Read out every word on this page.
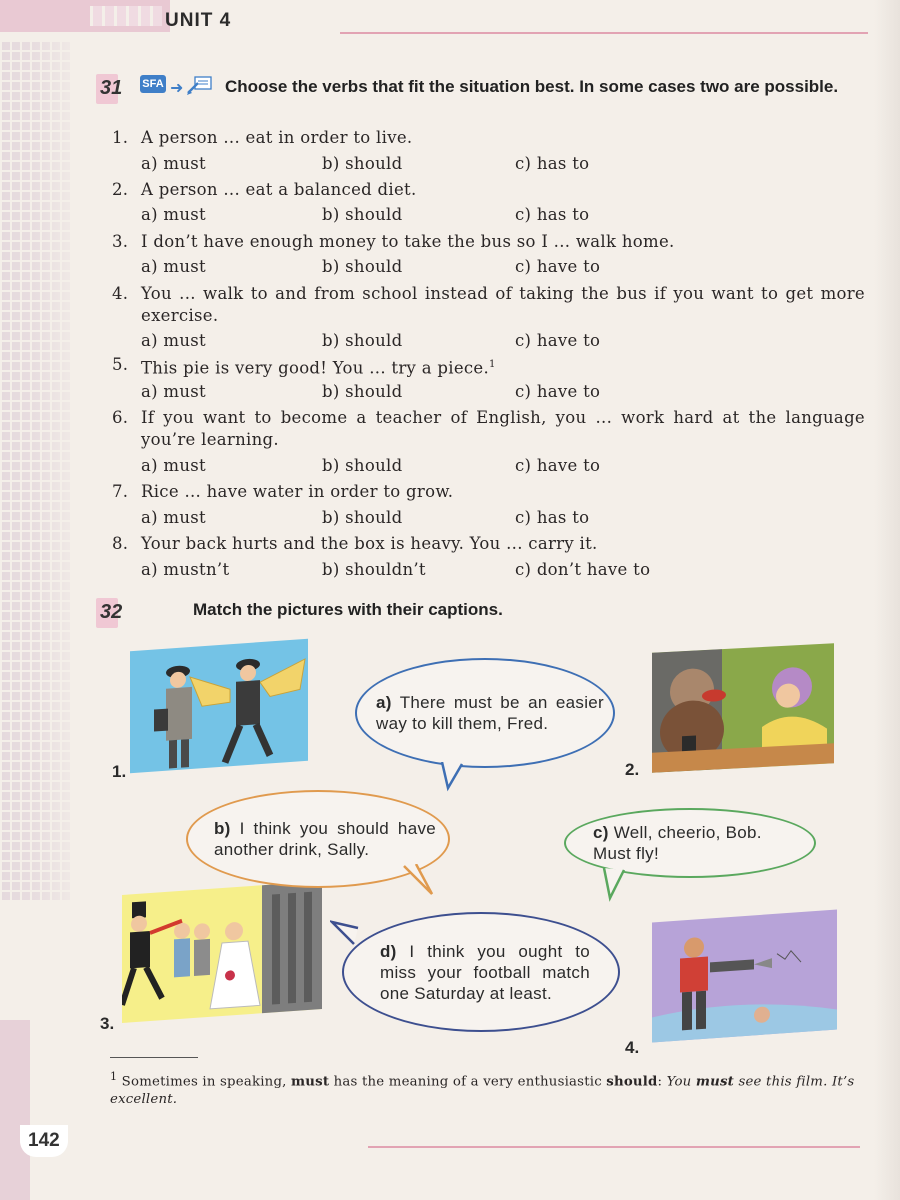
UNIT 4
31 SFA ➜ Choose the verbs that fit the situation best. In some cases two are possible.
1. A person ... eat in order to live.
a) must	b) should	c) has to
2. A person ... eat a balanced diet.
a) must	b) should	c) has to
3. I don’t have enough money to take the bus so I ... walk home.
a) must	b) should	c) have to
4. You ... walk to and from school instead of taking the bus if you want to get more exercise.
a) must	b) should	c) have to
5. This pie is very good! You ... try a piece.$^1$
a) must	b) should	c) have to
6. If you want to become a teacher of English, you ... work hard at the language you’re learning.
a) must	b) should	c) have to
7. Rice ... have water in order to grow.
a) must	b) should	c) has to
8. Your back hurts and the box is heavy. You ... carry it.
a) mustn’t	b) shouldn’t	c) don’t have to
32	Match the pictures with their captions.
1.	2.
3.
4.
a) There must be an easier way to kill them, Fred.
b) I think you should have another drink, Sally.
c) Well, cheerio, Bob. Must fly!
d) I think you ought to miss your football match one Saturday at least.
$^1$ Sometimes in speaking, must has the meaning of a very enthusiastic should: You must see this film. It’s excellent.
142
